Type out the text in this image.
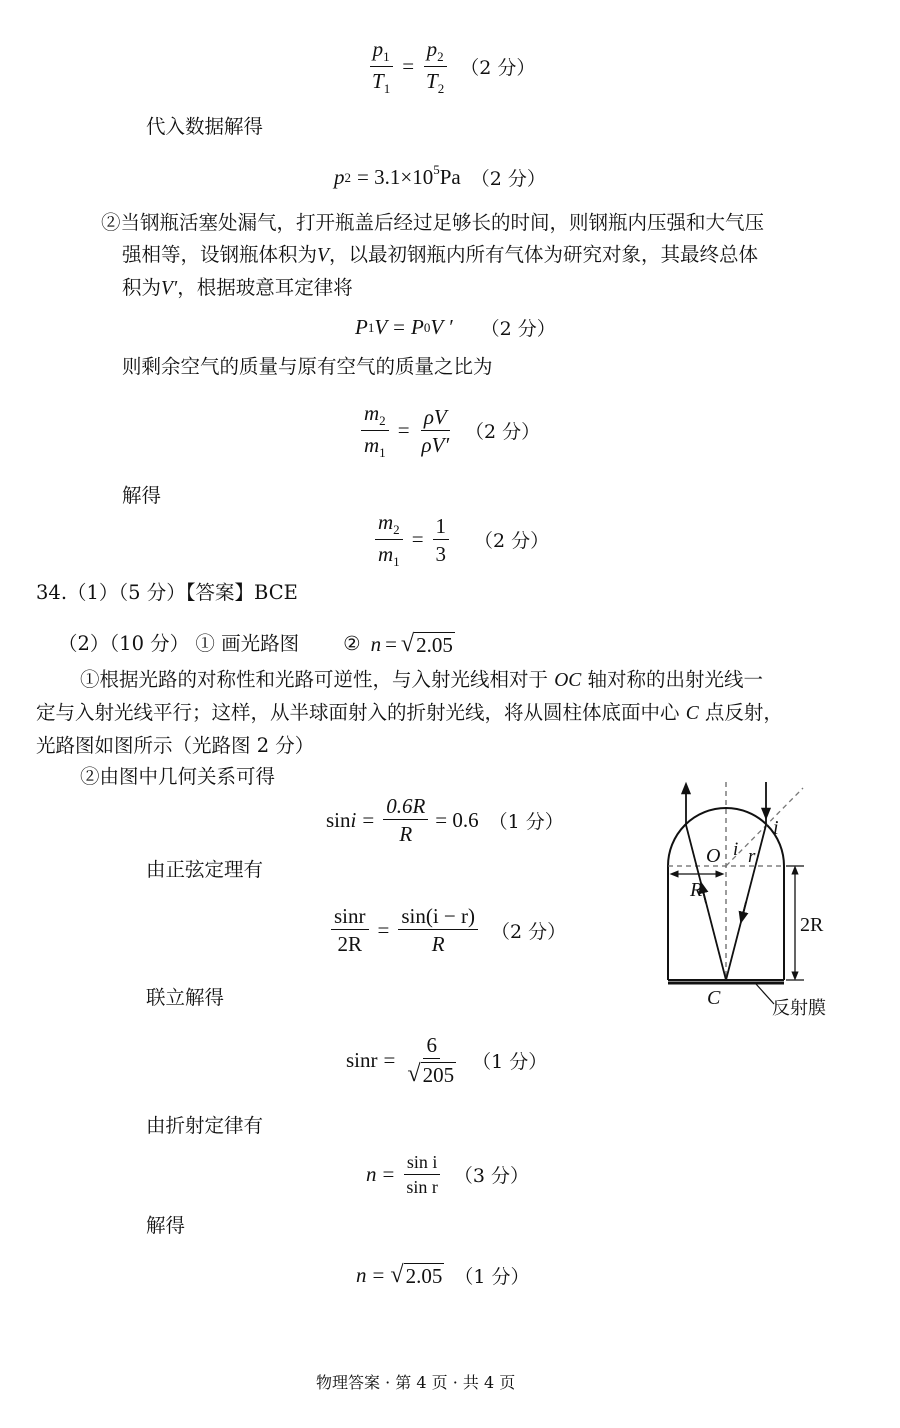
$\frac{p_1}{T_1} = \frac{p_2}{T_2} (2$ 分）
代入数据解得
p $2 = 3.1\times 10^5$ Pa （2 分）
②当钢瓶活塞处漏气，打开瓶盖后经过足够长的时间，则钢瓶内压强和大气压
强相等，设钢瓶体积为V，以最初钢瓶内所有气体为研究对象，其最终总体
积为V′，根据玻意耳定律将
P 1 V = P 0 V ′ （2 分）
则剩余空气的质量与原有空气的质量之比为
$\frac{m_2}{m_1} = \frac{\rho V}{\rho V'} (2$ 分）
解得
$\frac{m_2}{m_1} = \frac{1}{3} (2$ 分）
34.（1）（5 分）【答案】BCE
（2）（10 分） ① 画光路图 ② n = √ 2.05
①根据光路的对称性和光路可逆性，与入射光线相对于 OC 轴对称的出射光线一
定与入射光线平行；这样，从半球面射入的折射光线，将从圆柱体底面中心 C 点反射，
光路图如图所示（光路图 2 分）
②由图中几何关系可得
$\sin i = \frac{0.6R}{R} = 0.6$ （1 分）
由正弦定理有
$\frac{\sin r}{2R} = \frac{\sin(i - r)}{R} (2$ 分）
联立解得
$\sin r = \frac{6}{√ 205} (1$ 分）
由折射定律有
$n = \frac{\text{sin i}}{\text{sin r}} (3$ 分）
解得
n = √ 2.05 （1 分）
i
O i r
R
2R
C	反射膜
物理答案 · 第 4 页 · 共 4 页
